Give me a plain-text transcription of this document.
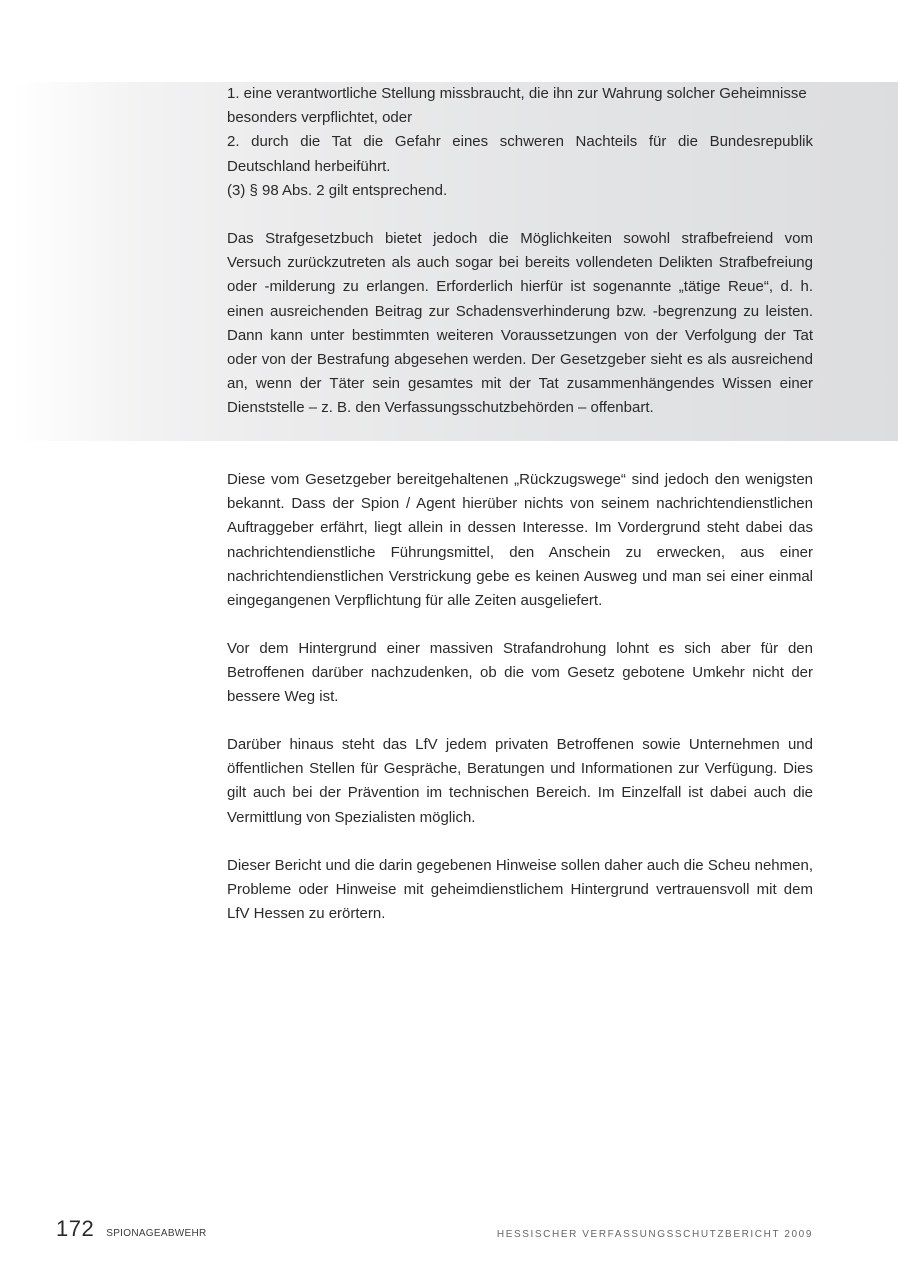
1. eine verantwortliche Stellung missbraucht, die ihn zur Wahrung solcher Geheimnisse besonders verpflichtet, oder

2. durch die Tat die Gefahr eines schweren Nachteils für die Bundesrepublik Deutschland herbeiführt.

(3) § 98 Abs. 2 gilt entsprechend.

Das Strafgesetzbuch bietet jedoch die Möglichkeiten sowohl strafbefreiend vom Versuch zurückzutreten als auch sogar bei bereits vollendeten Delikten Strafbefreiung oder -milderung zu erlangen. Erforderlich hierfür ist sogenannte „tätige Reue“, d. h. einen ausreichenden Beitrag zur Schadensverhinderung bzw. -begrenzung zu leisten. Dann kann unter bestimmten weiteren Voraussetzungen von der Verfolgung der Tat oder von der Bestrafung abgesehen werden. Der Gesetzgeber sieht es als ausreichend an, wenn der Täter sein gesamtes mit der Tat zusammenhängendes Wissen einer Dienststelle – z. B. den Verfassungsschutzbehörden – offenbart.
Diese vom Gesetzgeber bereitgehaltenen „Rückzugswege“ sind jedoch den wenigsten bekannt. Dass der Spion / Agent hierüber nichts von seinem nachrichtendienstlichen Auftraggeber erfährt, liegt allein in dessen Interesse. Im Vordergrund steht dabei das nachrichtendienstliche Führungsmittel, den Anschein zu erwecken, aus einer nachrichtendienstlichen Verstrickung gebe es keinen Ausweg und man sei einer einmal eingegangenen Verpflichtung für alle Zeiten ausgeliefert.
Vor dem Hintergrund einer massiven Strafandrohung lohnt es sich aber für den Betroffenen darüber nachzudenken, ob die vom Gesetz gebotene Umkehr nicht der bessere Weg ist.
Darüber hinaus steht das LfV jedem privaten Betroffenen sowie Unternehmen und öffentlichen Stellen für Gespräche, Beratungen und Informationen zur Verfügung. Dies gilt auch bei der Prävention im technischen Bereich. Im Einzelfall ist dabei auch die Vermittlung von Spezialisten möglich.
Dieser Bericht und die darin gegebenen Hinweise sollen daher auch die Scheu nehmen, Probleme oder Hinweise mit geheimdienstlichem Hintergrund vertrauensvoll mit dem LfV Hessen zu erörtern.
172 SPIONAGEABWEHR	HESSISCHER VERFASSUNGSSCHUTZBERICHT 2009
